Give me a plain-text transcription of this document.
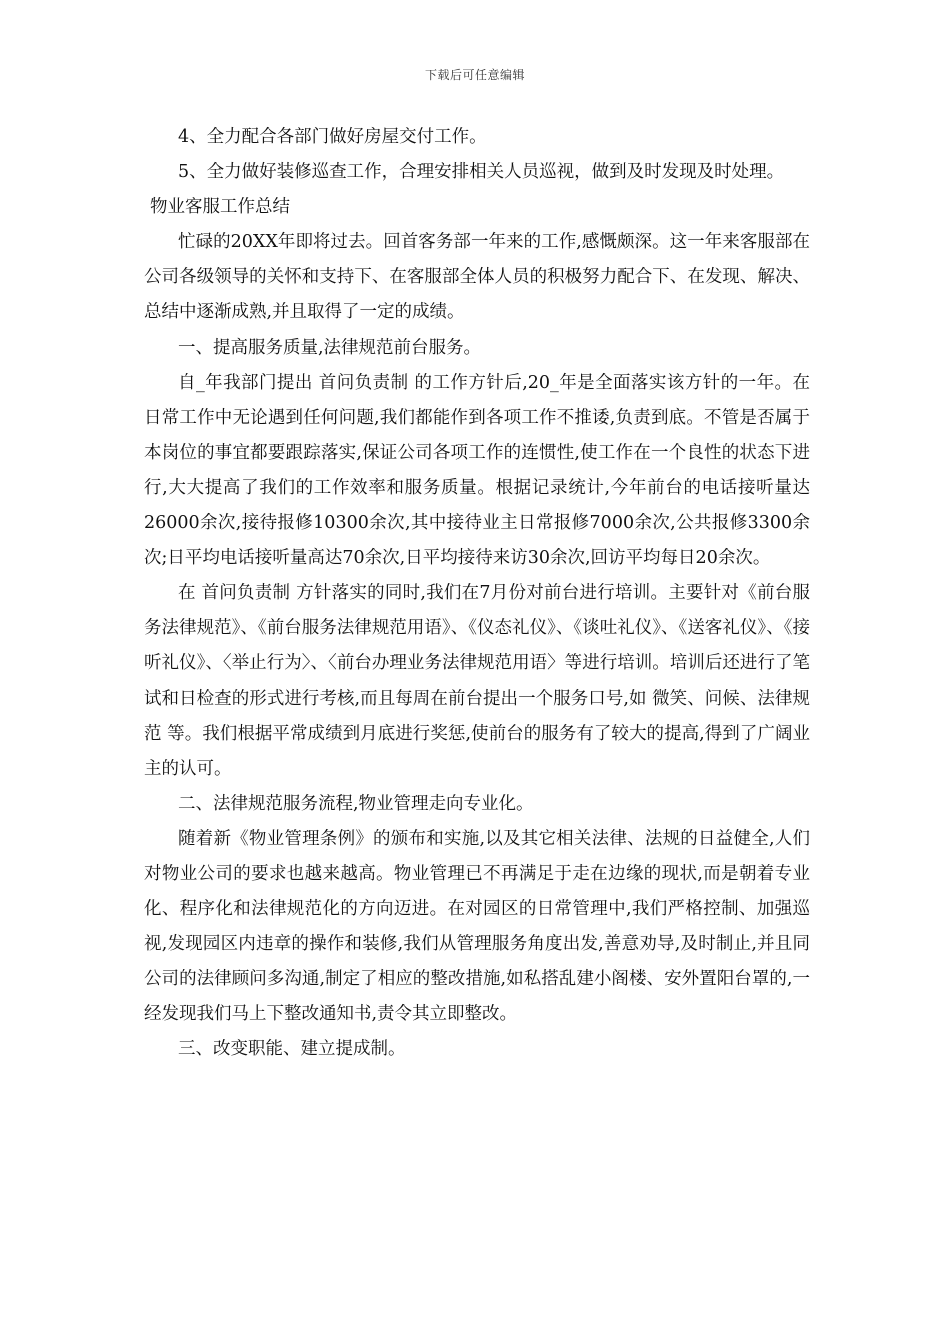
下载后可任意编辑

4、全力配合各部门做好房屋交付工作。

5、全力做好装修巡查工作，合理安排相关人员巡视，做到及时发现及时处理。

物业客服工作总结

忙碌的20XX年即将过去。回首客务部一年来的工作,感慨颇深。这一年来客服部在公司各级领导的关怀和支持下、在客服部全体人员的积极努力配合下、在发现、解决、总结中逐渐成熟,并且取得了一定的成绩。

一、提高服务质量,法律规范前台服务。

自_年我部门提出 首问负责制 的工作方针后,20_年是全面落实该方针的一年。在日常工作中无论遇到任何问题,我们都能作到各项工作不推诿,负责到底。不管是否属于本岗位的事宜都要跟踪落实,保证公司各项工作的连惯性,使工作在一个良性的状态下进行,大大提高了我们的工作效率和服务质量。根据记录统计,今年前台的电话接听量达26000余次,接待报修10300余次,其中接待业主日常报修7000余次,公共报修3300余次;日平均电话接听量高达70余次,日平均接待来访30余次,回访平均每日20余次。

在 首问负责制 方针落实的同时,我们在7月份对前台进行培训。主要针对《前台服务法律规范》、《前台服务法律规范用语》、《仪态礼仪》、《谈吐礼仪》、《送客礼仪》、《接听礼仪》、〈举止行为〉、〈前台办理业务法律规范用语〉等进行培训。培训后还进行了笔试和日检查的形式进行考核,而且每周在前台提出一个服务口号,如 微笑、问候、法律规范 等。我们根据平常成绩到月底进行奖惩,使前台的服务有了较大的提高,得到了广阔业主的认可。

二、法律规范服务流程,物业管理走向专业化。

随着新《物业管理条例》的颁布和实施,以及其它相关法律、法规的日益健全,人们对物业公司的要求也越来越高。物业管理已不再满足于走在边缘的现状,而是朝着专业化、程序化和法律规范化的方向迈进。在对园区的日常管理中,我们严格控制、加强巡视,发现园区内违章的操作和装修,我们从管理服务角度出发,善意劝导,及时制止,并且同公司的法律顾问多沟通,制定了相应的整改措施,如私搭乱建小阁楼、安外置阳台罩的,一经发现我们马上下整改通知书,责令其立即整改。

三、改变职能、建立提成制。
